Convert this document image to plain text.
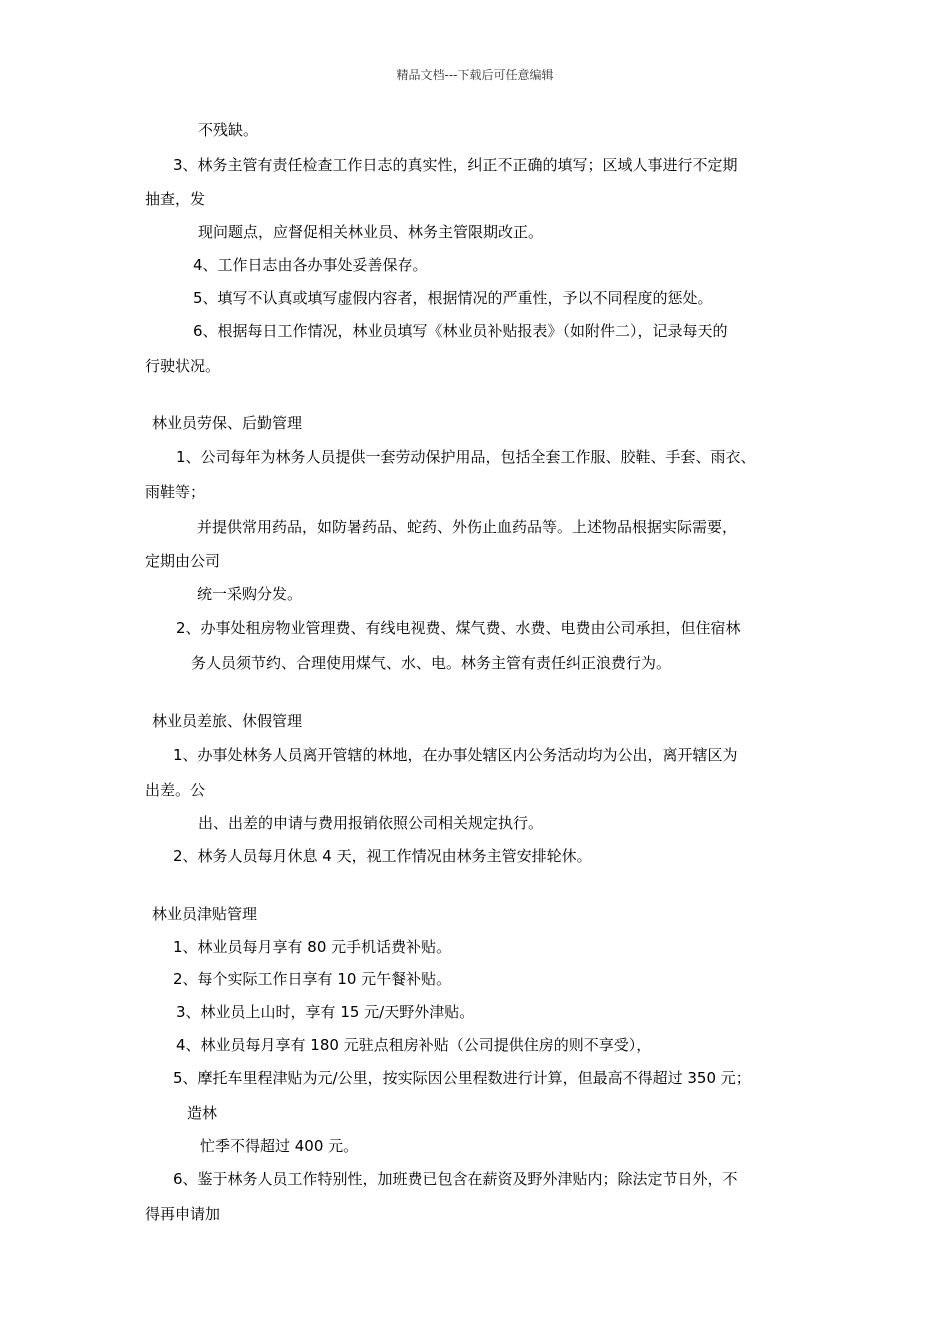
精品文档---下载后可任意编辑
不残缺。
3、林务主管有责任检查工作日志的真实性，纠正不正确的填写；区域人事进行不定期
抽查，发
现问题点，应督促相关林业员、林务主管限期改正。
4、工作日志由各办事处妥善保存。
5、填写不认真或填写虚假内容者，根据情况的严重性，予以不同程度的惩处。
6、根据每日工作情况，林业员填写《林业员补贴报表》（如附件二），记录每天的
行驶状况。
林业员劳保、后勤管理
1、公司每年为林务人员提供一套劳动保护用品，包括全套工作服、胶鞋、手套、雨衣、
雨鞋等；
并提供常用药品，如防暑药品、蛇药、外伤止血药品等。上述物品根据实际需要，
定期由公司
统一采购分发。
2、办事处租房物业管理费、有线电视费、煤气费、水费、电费由公司承担，但住宿林
务人员须节约、合理使用煤气、水、电。林务主管有责任纠正浪费行为。
林业员差旅、休假管理
1、办事处林务人员离开管辖的林地，在办事处辖区内公务活动均为公出，离开辖区为
出差。公
出、出差的申请与费用报销依照公司相关规定执行。
2、林务人员每月休息 4 天，视工作情况由林务主管安排轮休。
林业员津贴管理
1、林业员每月享有 80 元手机话费补贴。
2、每个实际工作日享有 10 元午餐补贴。
3、林业员上山时，享有 15 元/天野外津贴。
4、林业员每月享有 180 元驻点租房补贴（公司提供住房的则不享受），
5、摩托车里程津贴为元/公里，按实际因公里程数进行计算，但最高不得超过 350 元；
造林
忙季不得超过 400 元。
6、鉴于林务人员工作特别性，加班费已包含在薪资及野外津贴内；除法定节日外，不
得再申请加
